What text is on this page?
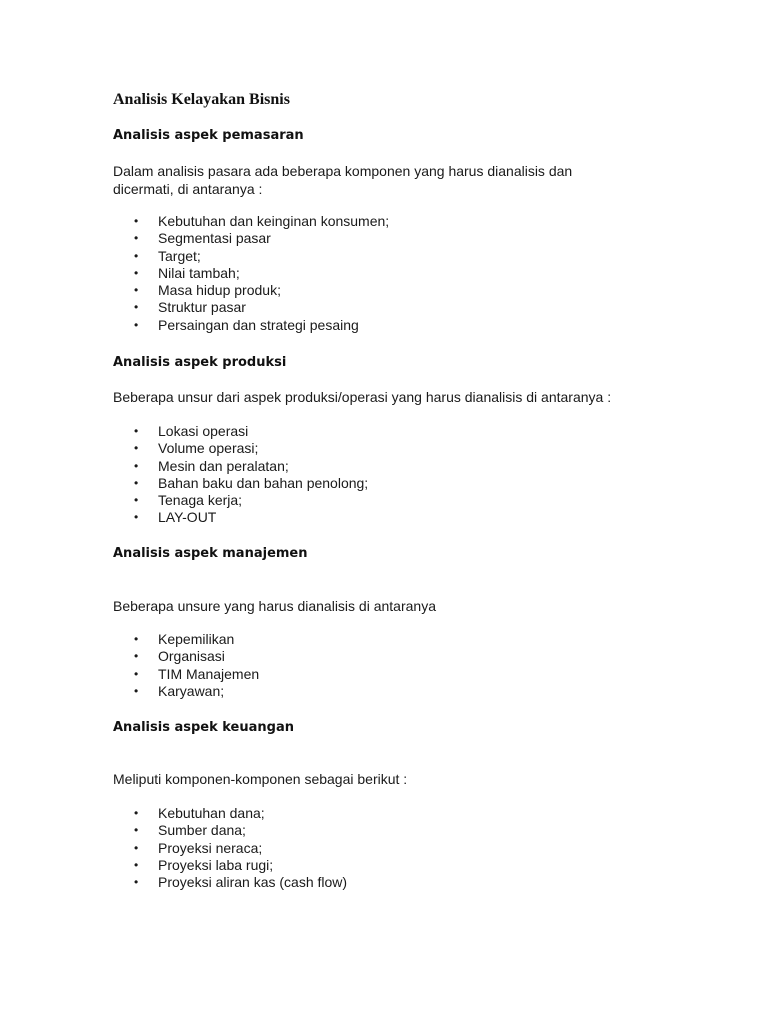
Analisis Kelayakan Bisnis
Analisis aspek pemasaran

Dalam analisis pasara ada beberapa komponen yang harus dianalisis dan dicermati, di antaranya :

• Kebutuhan dan keinginan konsumen;
• Segmentasi pasar
• Target;
• Nilai tambah;
• Masa hidup produk;
• Struktur pasar
• Persaingan dan strategi pesaing
Analisis aspek produksi

Beberapa unsur dari aspek produksi/operasi yang harus dianalisis di antaranya :

• Lokasi operasi
• Volume operasi;
• Mesin dan peralatan;
• Bahan baku dan bahan penolong;
• Tenaga kerja;
• LAY-OUT
Analisis aspek manajemen

Beberapa unsure yang harus dianalisis di antaranya

• Kepemilikan
• Organisasi
• TIM Manajemen
• Karyawan;
Analisis aspek keuangan

Meliputi komponen-komponen sebagai berikut :

• Kebutuhan dana;
• Sumber dana;
• Proyeksi neraca;
• Proyeksi laba rugi;
• Proyeksi aliran kas (cash flow)
